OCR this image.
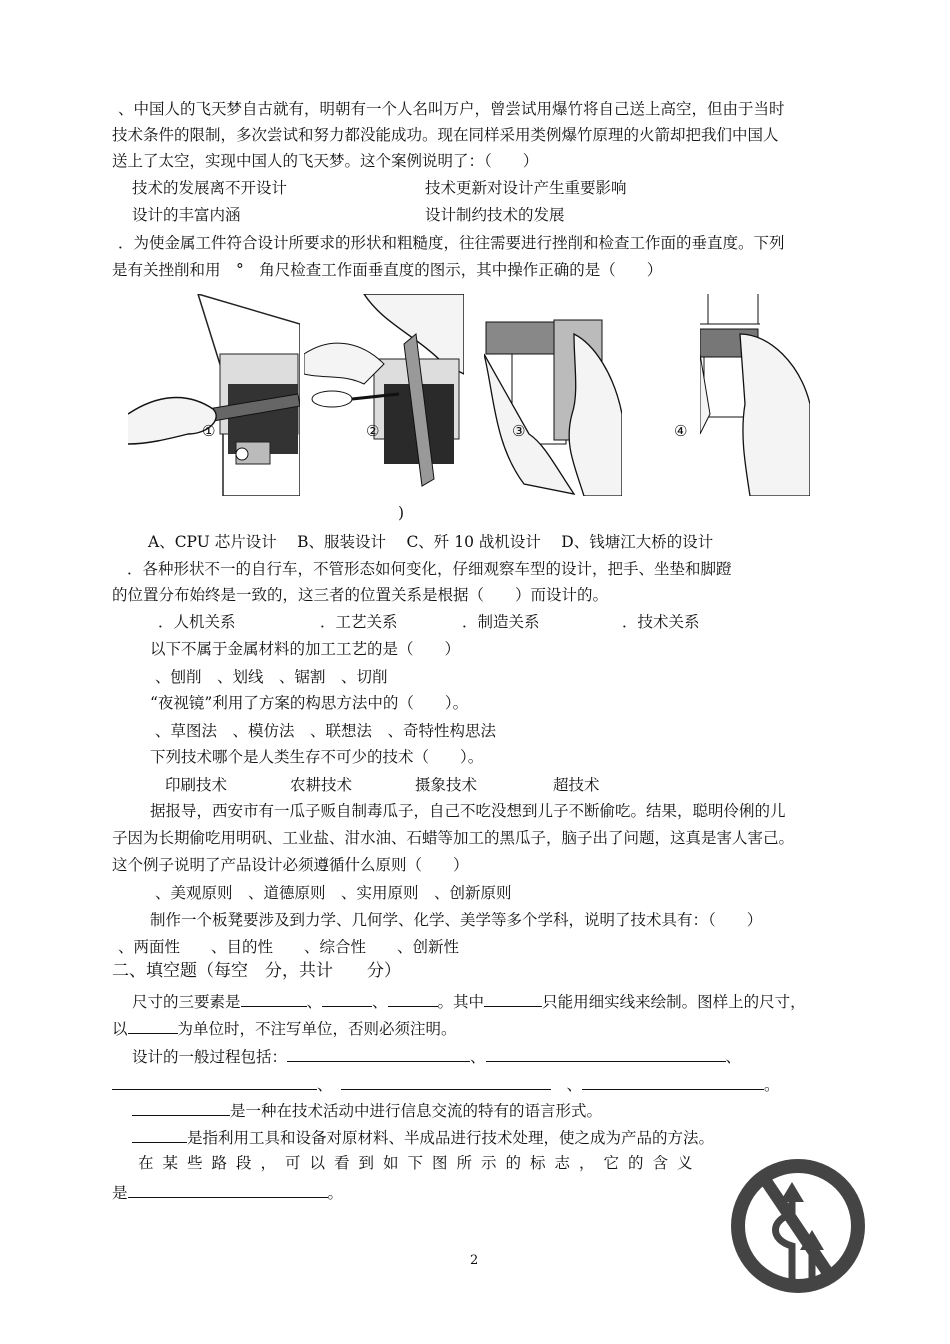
、中国人的飞天梦自古就有，明朝有一个人名叫万户，曾尝试用爆竹将自己送上高空，但由于当时
技术条件的限制，多次尝试和努力都没能成功。现在同样采用类例爆竹原理的火箭却把我们中国人
送上了太空，实现中国人的飞天梦。这个案例说明了：（　　）
技术的发展离不开设计	技术更新对设计产生重要影响
设计的丰富内涵	设计制约技术的发展
．为使金属工件符合设计所要求的形状和粗糙度，往往需要进行挫削和检查工作面的垂直度。下列
是有关挫削和用　°　角尺检查工作面垂直度的图示，其中操作正确的是（　　）
①	②	③	④
)
A、CPU 芯片设计　 B、服装设计　 C、歼 10 战机设计　 D、钱塘江大桥的设计
．各种形状不一的自行车，不管形态如何变化，仔细观察车型的设计，把手、坐垫和脚蹬
的位置分布始终是一致的，这三者的位置关系是根据（　　）而设计的。
．人机关系	．工艺关系	．制造关系	．技术关系
以下不属于金属材料的加工工艺的是（　　）
、刨削　、划线　、锯割　、切削
“夜视镜”利用了方案的构思方法中的（　　）。
、草图法　、模仿法　、联想法　、奇特性构思法
下列技术哪个是人类生存不可少的技术（　　）。
印刷技术	农耕技术	摄象技术	超技术
据报导，西安市有一瓜子贩自制毒瓜子，自己不吃没想到儿子不断偷吃。结果，聪明伶俐的儿
子因为长期偷吃用明矾、工业盐、泔水油、石蜡等加工的黑瓜子，脑子出了问题，这真是害人害己。
这个例子说明了产品设计必须遵循什么原则（　　）
、美观原则　、道德原则　、实用原则　、创新原则
制作一个板凳要涉及到力学、几何学、化学、美学等多个学科，说明了技术具有：（　　）
、两面性　　、目的性　　、综合性　　、创新性
二、填空题（每空　分，共计　　分）
尺寸的三要素是	、	、	。其中	只能用细实线来绘制。图样上的尺寸，
以	为单位时，不注写单位，否则必须注明。
设计的一般过程包括：	、	、
、	、	。
是一种在技术活动中进行信息交流的特有的语言形式。
是指利用工具和设备对原材料、半成品进行技术处理，使之成为产品的方法。
在某些路段，可以看到如下图所示的标志，它的含义
是	。
2
